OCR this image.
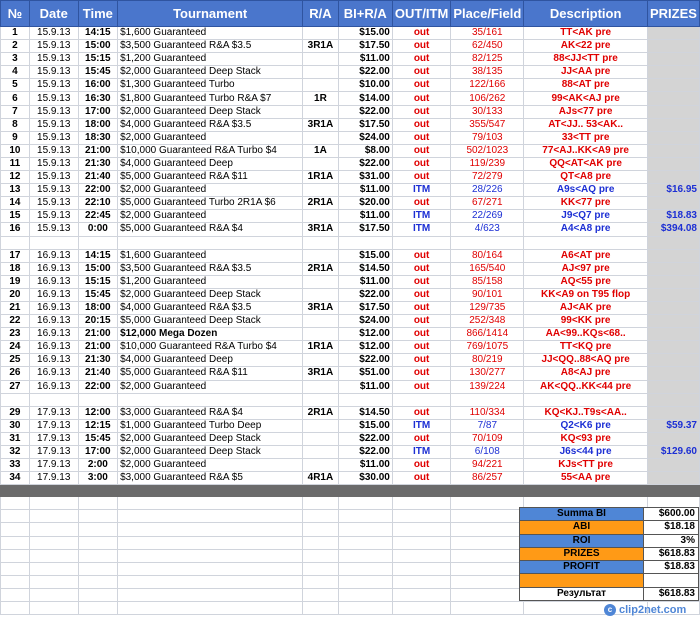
№	Date	Time	Tournament	R/A	BI+R/A	OUT/ITM	Place/Field	Description	PRIZES
1	15.9.13	14:15	$1,600 Guaranteed		$15.00	out	35/161	TT<AK pre	
2	15.9.13	15:00	$3,500 Guaranteed R&A $3.5	3R1A	$17.50	out	62/450	AK<22 pre	
3	15.9.13	15:15	$1,200 Guaranteed		$11.00	out	82/125	88<JJ<TT pre	
4	15.9.13	15:45	$2,000 Guaranteed Deep Stack		$22.00	out	38/135	JJ<AA pre	
5	15.9.13	16:00	$1,300 Guaranteed Turbo		$10.00	out	122/166	88<AT pre	
6	15.9.13	16:30	$1,800 Guaranteed Turbo R&A $7	1R	$14.00	out	106/262	99<AK<AJ pre	
7	15.9.13	17:00	$2,000 Guaranteed Deep Stack		$22.00	out	30/133	AJs<77 pre	
8	15.9.13	18:00	$4,000 Guaranteed R&A $3.5	3R1A	$17.50	out	355/547	AT<JJ.. 53<AK..	
9	15.9.13	18:30	$2,000 Guaranteed		$24.00	out	79/103	33<TT pre	
10	15.9.13	21:00	$10,000 Guaranteed R&A Turbo $4	1A	$8.00	out	502/1023	77<AJ..KK<A9 pre	
11	15.9.13	21:30	$4,000 Guaranteed Deep		$22.00	out	119/239	QQ<AT<AK pre	
12	15.9.13	21:40	$5,000 Guaranteed R&A $11	1R1A	$31.00	out	72/279	QT<A8 pre	
13	15.9.13	22:00	$2,000 Guaranteed		$11.00	ITM	28/226	A9s<AQ pre	$16.95
14	15.9.13	22:10	$5,000 Guaranteed Turbo 2R1A $6	2R1A	$20.00	out	67/271	KK<77 pre	
15	15.9.13	22:45	$2,000 Guaranteed		$11.00	ITM	22/269	J9<Q7 pre	$18.83
16	15.9.13	0:00	$5,000 Guaranteed R&A $4	3R1A	$17.50	ITM	4/623	A4<A8 pre	$394.08

17	16.9.13	14:15	$1,600 Guaranteed		$15.00	out	80/164	A6<AT pre	
18	16.9.13	15:00	$3,500 Guaranteed R&A $3.5	2R1A	$14.50	out	165/540	AJ<97 pre	
19	16.9.13	15:15	$1,200 Guaranteed		$11.00	out	85/158	AQ<55 pre	
20	16.9.13	15:45	$2,000 Guaranteed Deep Stack		$22.00	out	90/101	KK<A9 on T95 flop	
21	16.9.13	18:00	$4,000 Guaranteed R&A $3.5	3R1A	$17.50	out	129/735	AJ<AK pre	
22	16.9.13	20:15	$5,000 Guaranteed Deep Stack		$24.00	out	252/348	99<KK pre	
23	16.9.13	21:00	$12,000 Mega Dozen		$12.00	out	866/1414	AA<99..KQs<68..	
24	16.9.13	21:00	$10,000 Guaranteed R&A Turbo $4	1R1A	$12.00	out	769/1075	TT<KQ pre	
25	16.9.13	21:30	$4,000 Guaranteed Deep		$22.00	out	80/219	JJ<QQ..88<AQ pre	
26	16.9.13	21:40	$5,000 Guaranteed R&A $11	3R1A	$51.00	out	130/277	A8<AJ pre	
27	16.9.13	22:00	$2,000 Guaranteed		$11.00	out	139/224	AK<QQ..KK<44 pre	

29	17.9.13	12:00	$3,000 Guaranteed R&A $4	2R1A	$14.50	out	110/334	KQ<KJ..T9s<AA..	
30	17.9.13	12:15	$1,000 Guaranteed Turbo Deep		$15.00	ITM	7/87	Q2<K6 pre	$59.37
31	17.9.13	15:45	$2,000 Guaranteed Deep Stack		$22.00	out	70/109	KQ<93 pre	
32	17.9.13	17:00	$2,000 Guaranteed Deep Stack		$22.00	ITM	6/108	J6s<44 pre	$129.60
33	17.9.13	2:00	$2,000 Guaranteed		$11.00	out	94/221	KJs<TT pre	
34	17.9.13	3:00	$3,000 Guaranteed R&A $5	4R1A	$30.00	out	86/257	55<AA pre	

Summa BI	$600.00
ABI	$18.18
ROI	3%
PRIZES	$618.83
PROFIT	$18.83

Результат	$618.83
c clip2net.com
